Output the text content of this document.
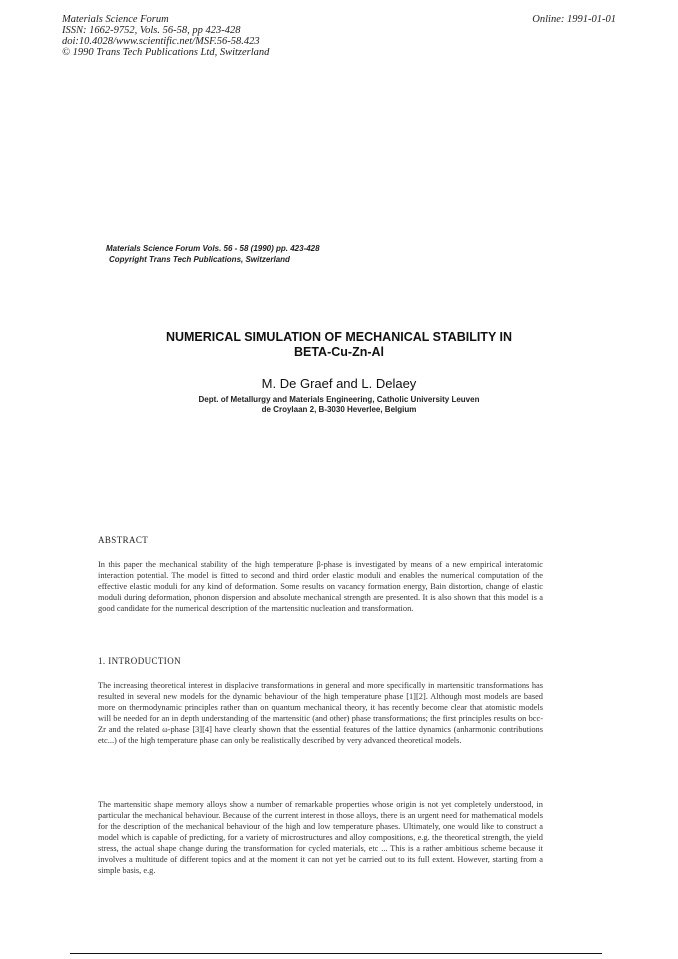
Materials Science Forum
ISSN: 1662-9752, Vols. 56-58, pp 423-428
doi:10.4028/www.scientific.net/MSF.56-58.423
© 1990 Trans Tech Publications Ltd, Switzerland
Online: 1991-01-01
Materials Science Forum Vols. 56 - 58 (1990) pp. 423-428
Copyright Trans Tech Publications, Switzerland
NUMERICAL SIMULATION OF MECHANICAL STABILITY IN
BETA-Cu-Zn-Al
M. De Graef and L. Delaey
Dept. of Metallurgy and Materials Engineering, Catholic University Leuven
de Croylaan 2, B-3030 Heverlee, Belgium
ABSTRACT
In this paper the mechanical stability of the high temperature β-phase is investigated by means of a new empirical interatomic interaction potential. The model is fitted to second and third order elastic moduli and enables the numerical computation of the effective elastic moduli for any kind of deformation. Some results on vacancy formation energy, Bain distortion, change of elastic moduli during deformation, phonon dispersion and absolute mechanical strength are presented. It is also shown that this model is a good candidate for the numerical description of the martensitic nucleation and transformation.
1. INTRODUCTION
The increasing theoretical interest in displacive transformations in general and more specifically in martensitic transformations has resulted in several new models for the dynamic behaviour of the high temperature phase [1][2]. Although most models are based more on thermodynamic principles rather than on quantum mechanical theory, it has recently become clear that atomistic models will be needed for an in depth understanding of the martensitic (and other) phase transformations; the first principles results on bcc-Zr and the related ω-phase [3][4] have clearly shown that the essential features of the lattice dynamics (anharmonic contributions etc...) of the high temperature phase can only be realistically described by very advanced theoretical models.
The martensitic shape memory alloys show a number of remarkable properties whose origin is not yet completely understood, in particular the mechanical behaviour. Because of the current interest in those alloys, there is an urgent need for mathematical models for the description of the mechanical behaviour of the high and low temperature phases. Ultimately, one would like to construct a model which is capable of predicting, for a variety of microstructures and alloy compositions, e.g. the theoretical strength, the yield stress, the actual shape change during the transformation for cycled materials, etc ... This is a rather ambitious scheme because it involves a multitude of different topics and at the moment it can not yet be carried out to its full extent. However, starting from a simple basis, e.g.
